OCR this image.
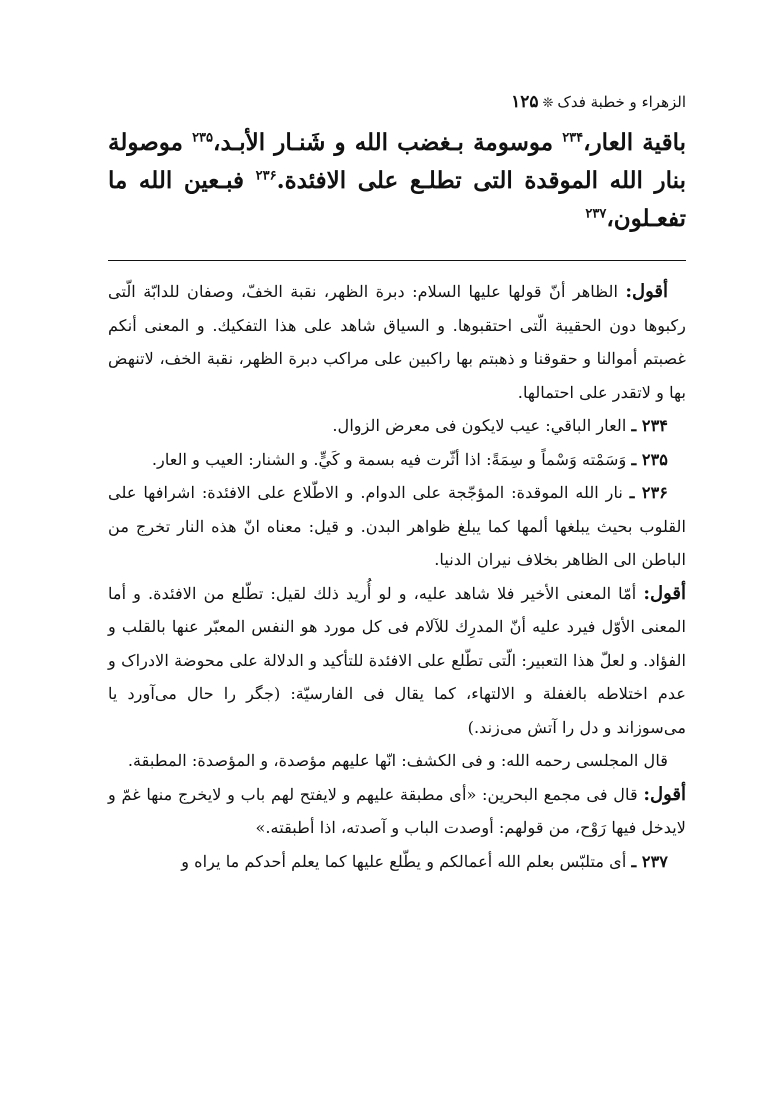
الزهراء و خطبة فدک
❊
۱۲۵

باقية العار،$^{۲۳۴}$ موسومة بـغضب الله و شَنـار الأبـد،$^{۲۳۵}$ موصولة بنار الله الموقدة التى تطلـع على الافئدة.$^{۲۳۶}$ فبـعين الله ما تفعـلون،$^{۲۳۷}$

أقول: الظاهر أنّ قولها عليها السلام: دبرة الظهر، نقبة الخفّ، وصفان للدابّة الّتى ركبوها دون الحقيبة الّتى احتقبوها. و السياق شاهد على هذا التفكيك. و المعنى أنكم غصبتم أموالنا و حقوقنا و ذهبتم بها راكبين على مراكب دبرة الظهر، نقبة الخف، لاتنهض بها و لاتقدر على احتمالها.

۲۳۴ ـ العار الباقي: عيب لايكون فى معرض الزوال.

۲۳۵ ـ وَسَمْته وَسْماً و سِمَةً: اذا أثّرت فيه بسمة و كَيٍّ. و الشنار: العيب و العار.

۲۳۶ ـ نار الله الموقدة: المؤجّجة على الدوام. و الاطّلاع على الافئدة: اشرافها على القلوب بحيث يبلغها ألمها كما يبلغ ظواهر البدن. و قيل: معناه انّ هذه النار تخرج من الباطن الى الظاهر بخلاف نيران الدنيا.

أقول: أمّا المعنى الأخير فلا شاهد عليه، و لو أُريد ذلك لقيل: تطّلع من الافئدة. و أما المعنى الأوّل فيرد عليه أنّ المدرِك للآلام فى كل مورد هو النفس المعبّر عنها بالقلب و الفؤاد. و لعلّ هذا التعبير: الّتى تطّلع على الافئدة للتأكيد و الدلالة على محوضة الادراک و عدم اختلاطه بالغفلة و الالتهاء، كما يقال فى الفارسيّة: (جگر را حال مى‌آورد يا مى‌سوزاند و دل را آتش مى‌زند.)

قال المجلسى رحمه الله: و فى الكشف: انّها عليهم مؤصدة، و المؤصدة: المطبقة.

أقول: قال فى مجمع البحرين: «أى مطبقة عليهم و لايفتح لهم باب و لايخرج منها غمّ و لايدخل فيها رَوْح، من قولهم: أوصدت الباب و آصدته، اذا أطبقته.»

۲۳۷ ـ أى متلبّس بعلم الله أعمالكم و يطّلع عليها كما يعلم أحدكم ما يراه و
